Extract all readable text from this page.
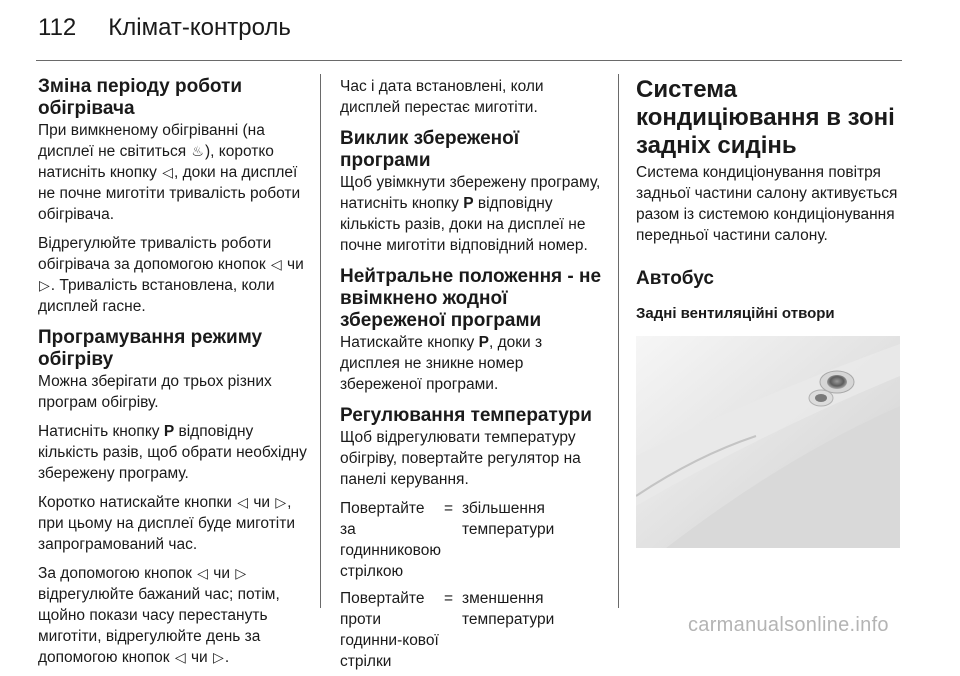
112 Клімат-контроль
Зміна періоду роботи обігрівача

При вимкненому обігріванні (на дисплеї не світиться ♨), коротко натисніть кнопку ◁, доки на дисплеї не почне миготіти тривалість роботи обігрівача.

Відрегулюйте тривалість роботи обігрівача за допомогою кнопок ◁ чи ▷. Тривалість встановлена, коли дисплей гасне.

Програмування режиму обігріву

Можна зберігати до трьох різних програм обігріву.

Натисніть кнопку P відповідну кількість разів, щоб обрати необхідну збережену програму.

Коротко натискайте кнопки ◁ чи ▷, при цьому на дисплеї буде миготіти запрограмований час.

За допомогою кнопок ◁ чи ▷ відрегулюйте бажаний час; потім, щойно покази часу перестануть миготіти, відрегулюйте день за допомогою кнопок ◁ чи ▷.

Час і дата встановлені, коли дисплей перестає миготіти.

Виклик збереженої програми

Щоб увімкнути збережену програму, натисніть кнопку P відповідну кількість разів, доки на дисплеї не почне миготіти відповідний номер.

Нейтральне положення - не ввімкнено жодної збереженої програми

Натискайте кнопку P, доки з дисплея не зникне номер збереженої програми.

Регулювання температури

Щоб відрегулювати температуру обігріву, повертайте регулятор на панелі керування.

Повертайте за годинниковою стрілкою
= збільшення температури
Повертайте проти годинни-кової стрілки
= зменшення температури
Система кондиціювання в зоні задніх сидінь

Система кондиціонування повітря задньої частини салону активується разом із системою кондиціонування передньої частини салону.

Автобус
Задні вентиляційні отвори
carmanualsonline.info
